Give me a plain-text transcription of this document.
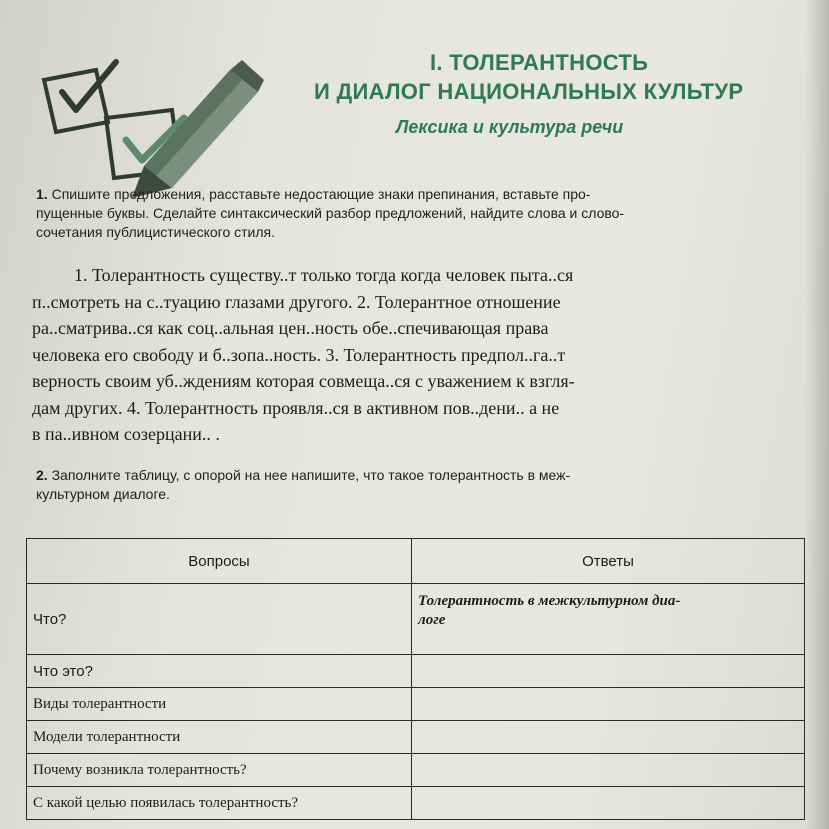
I. ТОЛЕРАНТНОСТЬ
И ДИАЛОГ НАЦИОНАЛЬНЫХ КУЛЬТУР
Лексика и культура речи
1. Спишите предложения, расставьте недостающие знаки препинания, вставьте про-
пущенные буквы. Сделайте синтаксический разбор предложений, найдите слова и слово-
сочетания публицистического стиля.
1. Толерантность существу..т только тогда когда человек пыта..ся
п..смотреть на с..туацию глазами другого. 2. Толерантное отношение
ра..сматрива..ся как соц..альная цен..ность обе..спечивающая права
человека его свободу и б..зопа..ность. 3. Толерантность предпол..га..т
верность своим уб..ждениям которая совмеща..ся с уважением к взгля-
дам других. 4. Толерантность проявля..ся в активном пов..дени.. а не
в па..ивном созерцани.. .
2. Заполните таблицу, с опорой на нее напишите, что такое толерантность в меж-
культурном диалоге.
Вопросы	Ответы
Что?	Толерантность в межкультурном диа-
логе
Что это?	
Виды толерантности	
Модели толерантности	
Почему возникла толерантность?	
С какой целью появилась толерантность?	
